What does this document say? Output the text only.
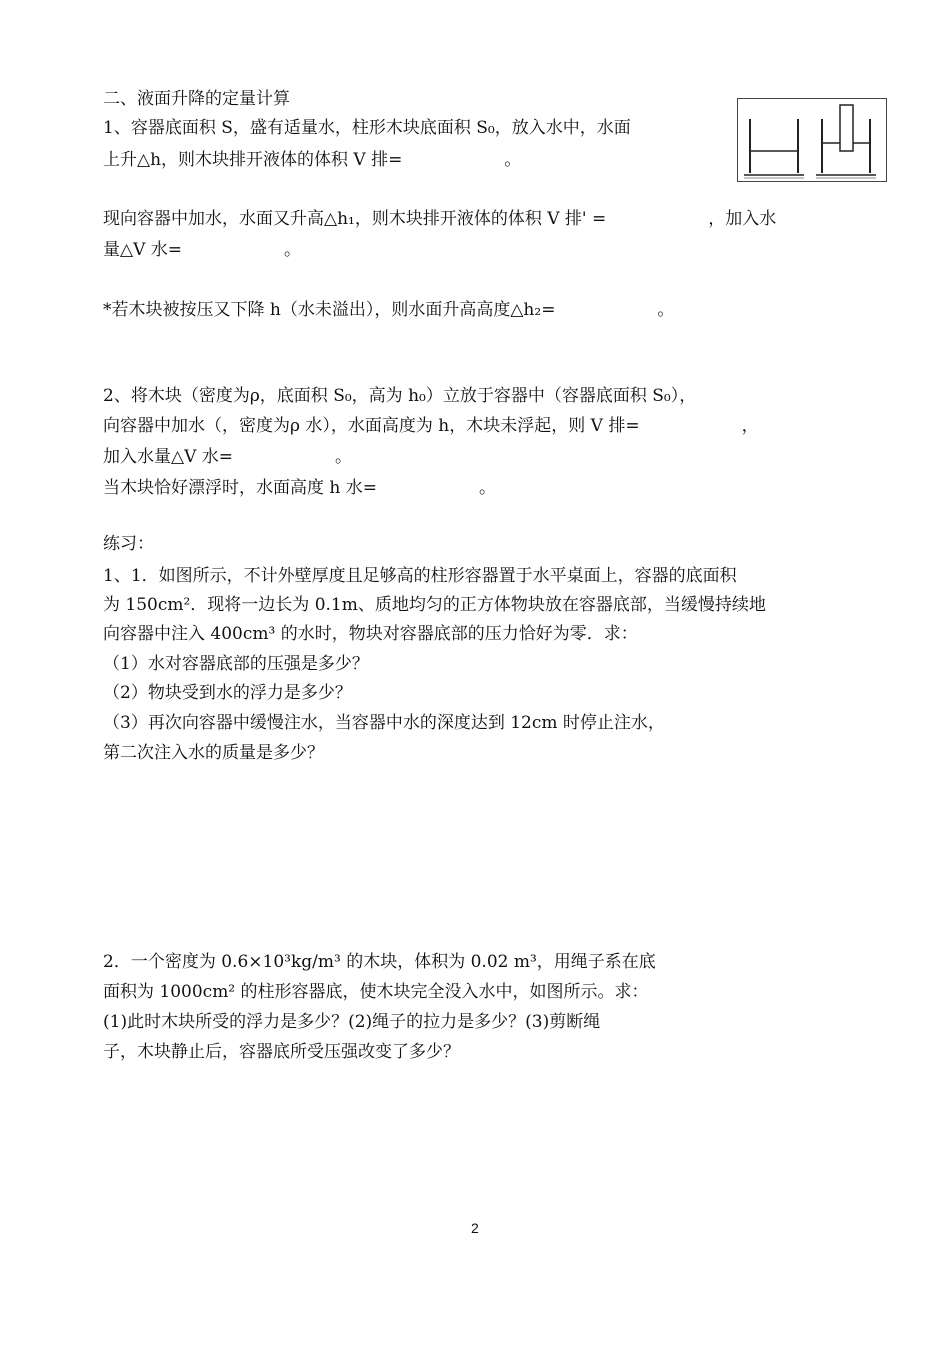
二、液面升降的定量计算
1、容器底面积 S，盛有适量水，柱形木块底面积 S₀，放入水中，水面
上升△h，则木块排开液体的体积 V 排=　　　　　　。
现向容器中加水，水面又升高△h₁，则木块排开液体的体积 V 排' =　　　　　　，加入水
量△V 水=　　　　　　。
*若木块被按压又下降 h（水未溢出），则水面升高高度△h₂=　　　　　　。
2、将木块（密度为ρ，底面积 S₀，高为 h₀）立放于容器中（容器底面积 S₀），
向容器中加水（，密度为ρ 水），水面高度为 h，木块未浮起，则 V 排=　　　　　　，
加入水量△V 水=　　　　　　。
当木块恰好漂浮时，水面高度 h 水=　　　　　　。
练习：
1、1．如图所示，不计外壁厚度且足够高的柱形容器置于水平桌面上，容器的底面积
为 150cm²．现将一边长为 0.1m、质地均匀的正方体物块放在容器底部，当缓慢持续地
向容器中注入 400cm³ 的水时，物块对容器底部的压力恰好为零．求：
（1）水对容器底部的压强是多少？
（2）物块受到水的浮力是多少？
（3）再次向容器中缓慢注水，当容器中水的深度达到 12cm 时停止注水，
第二次注入水的质量是多少？
2．一个密度为 0.6×10³kg/m³ 的木块，体积为 0.02 m³，用绳子系在底
面积为 1000cm² 的柱形容器底，使木块完全没入水中，如图所示。求：
(1)此时木块所受的浮力是多少？(2)绳子的拉力是多少？(3)剪断绳
子，木块静止后，容器底所受压强改变了多少？
2
